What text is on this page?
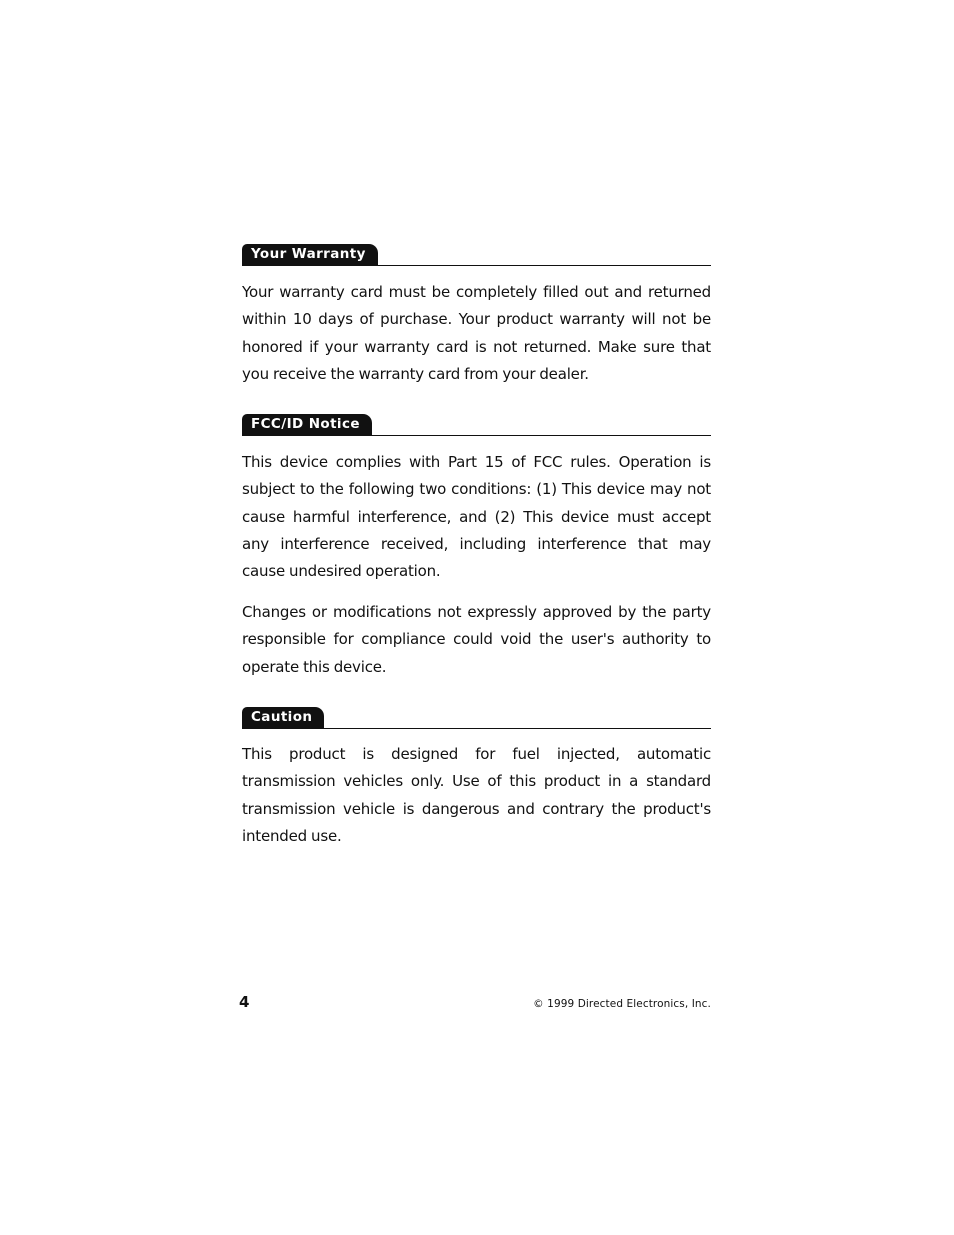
Your Warranty

Your warranty card must be completely filled out and returned within 10 days of purchase. Your product warranty will not be honored if your warranty card is not returned. Make sure that you receive the warranty card from your dealer.

FCC/ID Notice

This device complies with Part 15 of FCC rules. Operation is subject to the following two conditions: (1) This device may not cause harmful interference, and (2) This device must accept any interference received, including interference that may cause undesired operation.

Changes or modifications not expressly approved by the party responsible for compliance could void the user's authority to operate this device.

Caution

This product is designed for fuel injected, automatic transmission vehicles only. Use of this product in a standard transmission vehicle is dangerous and contrary the product's intended use.

4	© 1999 Directed Electronics, Inc.
